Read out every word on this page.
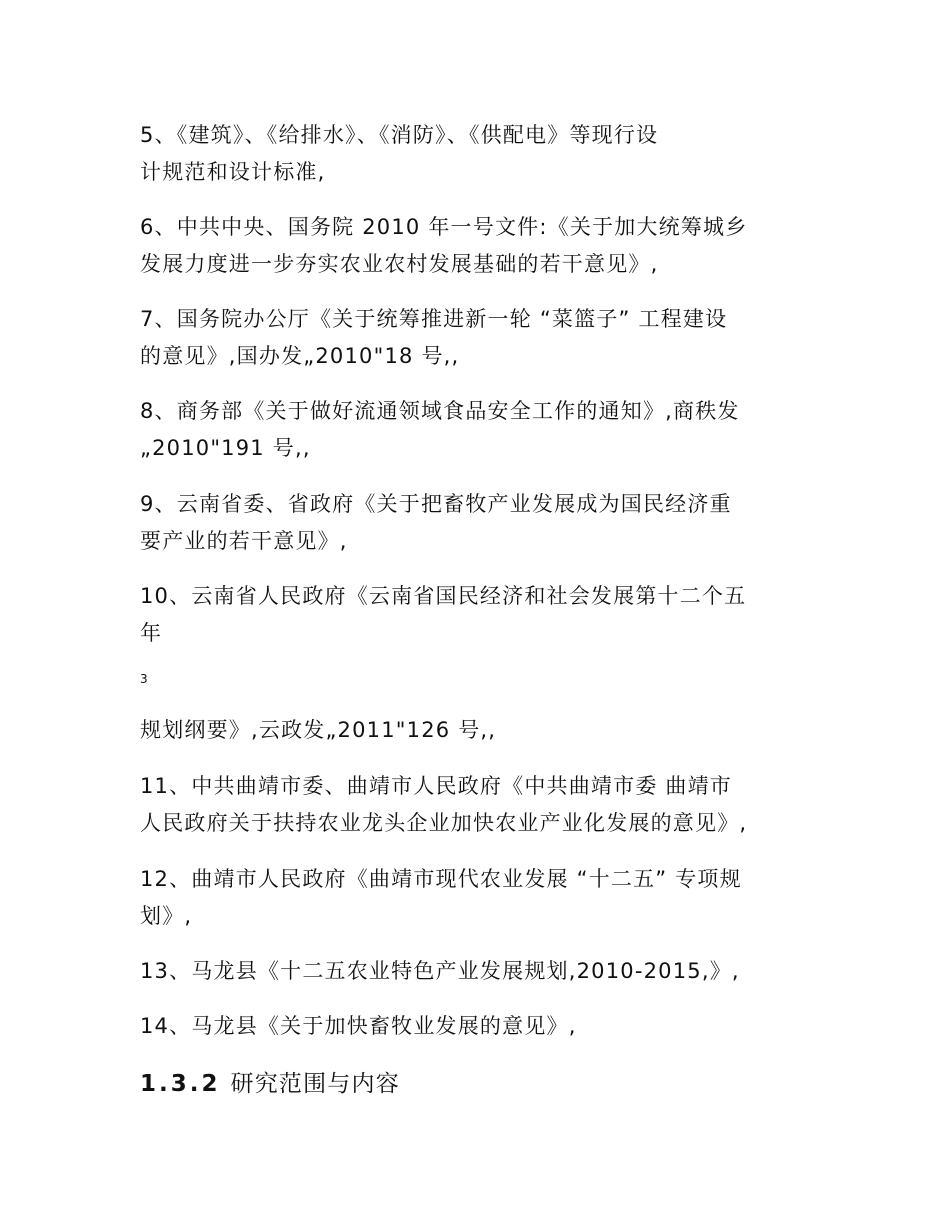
5、《建筑》、《给排水》、《消防》、《供配电》等现行设
计规范和设计标准,
6、中共中央、国务院 2010 年一号文件:《关于加大统筹城乡
发展力度进一步夯实农业农村发展基础的若干意见》,
7、国务院办公厅《关于统筹推进新一轮 “菜篮子” 工程建设
的意见》,国办发„2010"18 号,,
8、商务部《关于做好流通领域食品安全工作的通知》,商秩发
„2010"191 号,,
9、云南省委、省政府《关于把畜牧产业发展成为国民经济重
要产业的若干意见》,
10、云南省人民政府《云南省国民经济和社会发展第十二个五
年
3
规划纲要》,云政发„2011"126 号,,
11、中共曲靖市委、曲靖市人民政府《中共曲靖市委 曲靖市
人民政府关于扶持农业龙头企业加快农业产业化发展的意见》,
12、曲靖市人民政府《曲靖市现代农业发展 “十二五” 专项规
划》,
13、马龙县《十二五农业特色产业发展规划,2010-2015,》,
14、马龙县《关于加快畜牧业发展的意见》,
1.3.2 研究范围与内容
